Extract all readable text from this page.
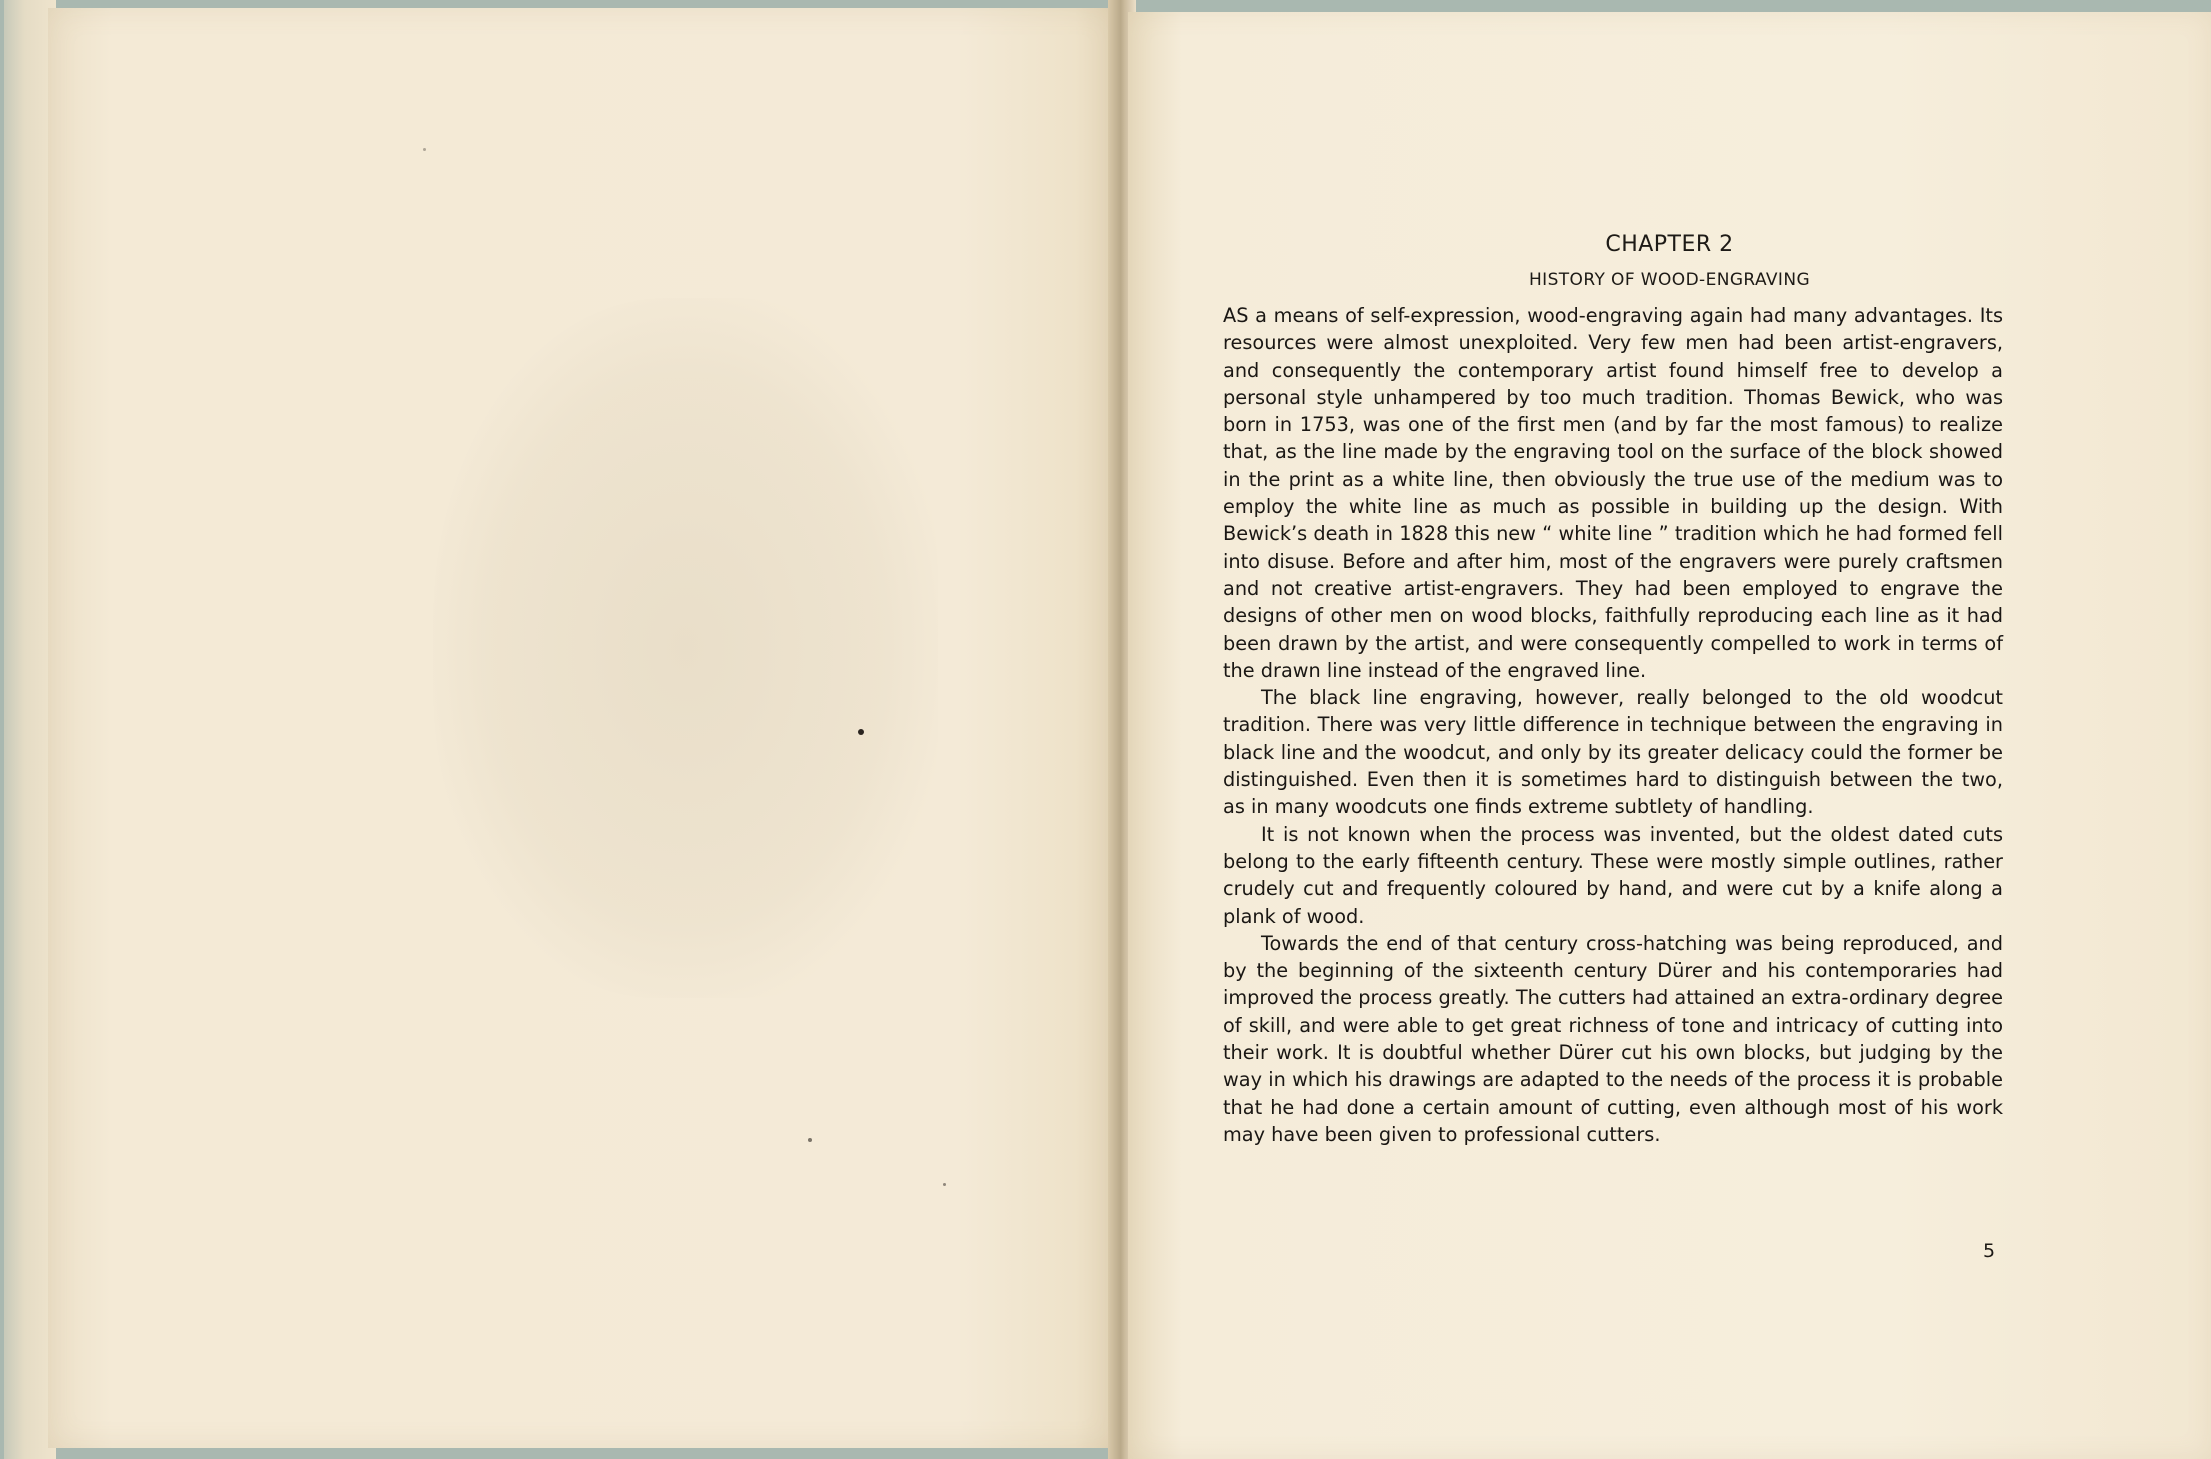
CHAPTER 2
HISTORY OF WOOD-ENGRAVING

AS a means of self-expression, wood-engraving again had many advantages. Its resources were almost unexploited. Very few men had been artist-engravers, and consequently the contemporary artist found himself free to develop a personal style unhampered by too much tradition. Thomas Bewick, who was born in 1753, was one of the first men (and by far the most famous) to realize that, as the line made by the engraving tool on the surface of the block showed in the print as a white line, then obviously the true use of the medium was to employ the white line as much as possible in building up the design. With Bewick’s death in 1828 this new “ white line ” tradition which he had formed fell into disuse. Before and after him, most of the engravers were purely craftsmen and not creative artist-engravers. They had been employed to engrave the designs of other men on wood blocks, faithfully reproducing each line as it had been drawn by the artist, and were consequently compelled to work in terms of the drawn line instead of the engraved line.

The black line engraving, however, really belonged to the old woodcut tradition. There was very little difference in technique between the engraving in black line and the woodcut, and only by its greater delicacy could the former be distinguished. Even then it is sometimes hard to distinguish between the two, as in many woodcuts one finds extreme subtlety of handling.

It is not known when the process was invented, but the oldest dated cuts belong to the early fifteenth century. These were mostly simple outlines, rather crudely cut and frequently coloured by hand, and were cut by a knife along a plank of wood.

Towards the end of that century cross-hatching was being reproduced, and by the beginning of the sixteenth century Dürer and his contemporaries had improved the process greatly. The cutters had attained an extra-ordinary degree of skill, and were able to get great richness of tone and intricacy of cutting into their work. It is doubtful whether Dürer cut his own blocks, but judging by the way in which his drawings are adapted to the needs of the process it is probable that he had done a certain amount of cutting, even although most of his work may have been given to professional cutters.

5
